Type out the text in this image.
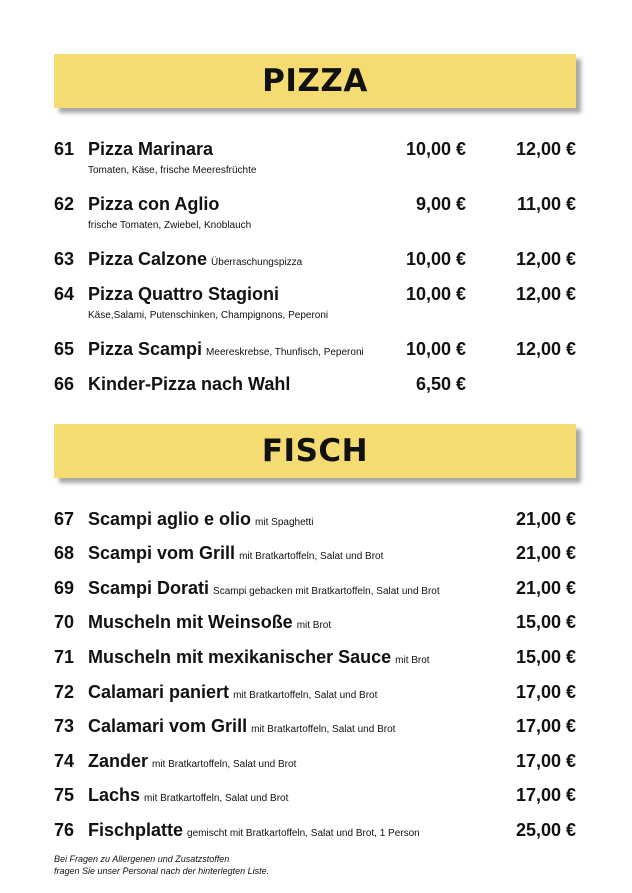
PIZZA
61 Pizza Marinara	10,00 €	12,00 €
Tomaten, Käse, frische Meeresfrüchte
62 Pizza con Aglio	9,00 €	11,00 €
frische Tomaten, Zwiebel, Knoblauch
63 Pizza Calzone Überraschungspizza	10,00 €	12,00 €
64 Pizza Quattro Stagioni	10,00 €	12,00 €
Käse,Salami, Putenschinken, Champignons, Peperoni
65 Pizza Scampi Meereskrebse, Thunfisch, Peperoni 10,00 €	12,00 €
66 Kinder-Pizza nach Wahl	6,50 €
FISCH
67 Scampi aglio e olio mit Spaghetti	21,00 €
68 Scampi vom Grill mit Bratkartoffeln, Salat und Brot	21,00 €
69 Scampi Dorati Scampi gebacken mit Bratkartoffeln, Salat und Brot	21,00 €
70 Muscheln mit Weinsoße mit Brot	15,00 €
71 Muscheln mit mexikanischer Sauce mit Brot	15,00 €
72 Calamari paniert mit Bratkartoffeln, Salat und Brot	17,00 €
73 Calamari vom Grill mit Bratkartoffeln, Salat und Brot	17,00 €
74 Zander mit Bratkartoffeln, Salat und Brot	17,00 €
75 Lachs mit Bratkartoffeln, Salat und Brot	17,00 €
76 Fischplatte gemischt mit Bratkartoffeln, Salat und Brot, 1 Person	25,00 €
Bei Fragen zu Allergenen und Zusatzstoffen
fragen Sie unser Personal nach der hinterlegten Liste.
